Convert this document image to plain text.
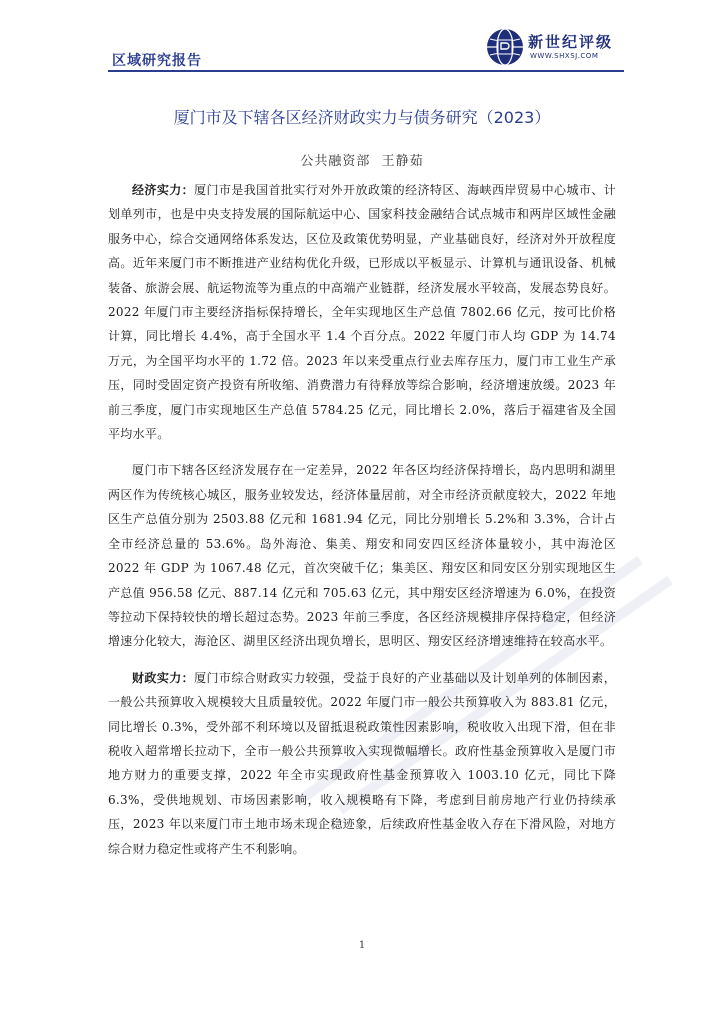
区域研究报告
新世纪评级
WWW.SHXSJ.COM
厦门市及下辖各区经济财政实力与债务研究（2023）
公共融资部 王静茹

经济实力：厦门市是我国首批实行对外开放政策的经济特区、海峡西岸贸易中心城市、计划单列市，也是中央支持发展的国际航运中心、国家科技金融结合试点城市和两岸区域性金融服务中心，综合交通网络体系发达，区位及政策优势明显，产业基础良好，经济对外开放程度高。近年来厦门市不断推进产业结构优化升级，已形成以平板显示、计算机与通讯设备、机械装备、旅游会展、航运物流等为重点的中高端产业链群，经济发展水平较高，发展态势良好。2022 年厦门市主要经济指标保持增长，全年实现地区生产总值 7802.66 亿元，按可比价格计算，同比增长 4.4%，高于全国水平 1.4 个百分点。2022 年厦门市人均 GDP 为 14.74 万元，为全国平均水平的 1.72 倍。2023 年以来受重点行业去库存压力，厦门市工业生产承压，同时受固定资产投资有所收缩、消费潜力有待释放等综合影响，经济增速放缓。2023 年前三季度，厦门市实现地区生产总值 5784.25 亿元，同比增长 2.0%，落后于福建省及全国平均水平。

厦门市下辖各区经济发展存在一定差异，2022 年各区均经济保持增长，岛内思明和湖里两区作为传统核心城区，服务业较发达，经济体量居前，对全市经济贡献度较大，2022 年地区生产总值分别为 2503.88 亿元和 1681.94 亿元，同比分别增长 5.2%和 3.3%，合计占全市经济总量的 53.6%。岛外海沧、集美、翔安和同安四区经济体量较小，其中海沧区 2022 年 GDP 为 1067.48 亿元，首次突破千亿；集美区、翔安区和同安区分别实现地区生产总值 956.58 亿元、887.14 亿元和 705.63 亿元，其中翔安区经济增速为 6.0%，在投资等拉动下保持较快的增长超过态势。2023 年前三季度，各区经济规模排序保持稳定，但经济增速分化较大，海沧区、湖里区经济出现负增长，思明区、翔安区经济增速维持在较高水平。

财政实力：厦门市综合财政实力较强，受益于良好的产业基础以及计划单列的体制因素，一般公共预算收入规模较大且质量较优。2022 年厦门市一般公共预算收入为 883.81 亿元，同比增长 0.3%，受外部不利环境以及留抵退税政策性因素影响，税收收入出现下滑，但在非税收入超常增长拉动下，全市一般公共预算收入实现微幅增长。政府性基金预算收入是厦门市地方财力的重要支撑，2022 年全市实现政府性基金预算收入 1003.10 亿元，同比下降 6.3%，受供地规划、市场因素影响，收入规模略有下降，考虑到目前房地产行业仍持续承压，2023 年以来厦门市土地市场未现企稳迹象，后续政府性基金收入存在下滑风险，对地方综合财力稳定性或将产生不利影响。

1
